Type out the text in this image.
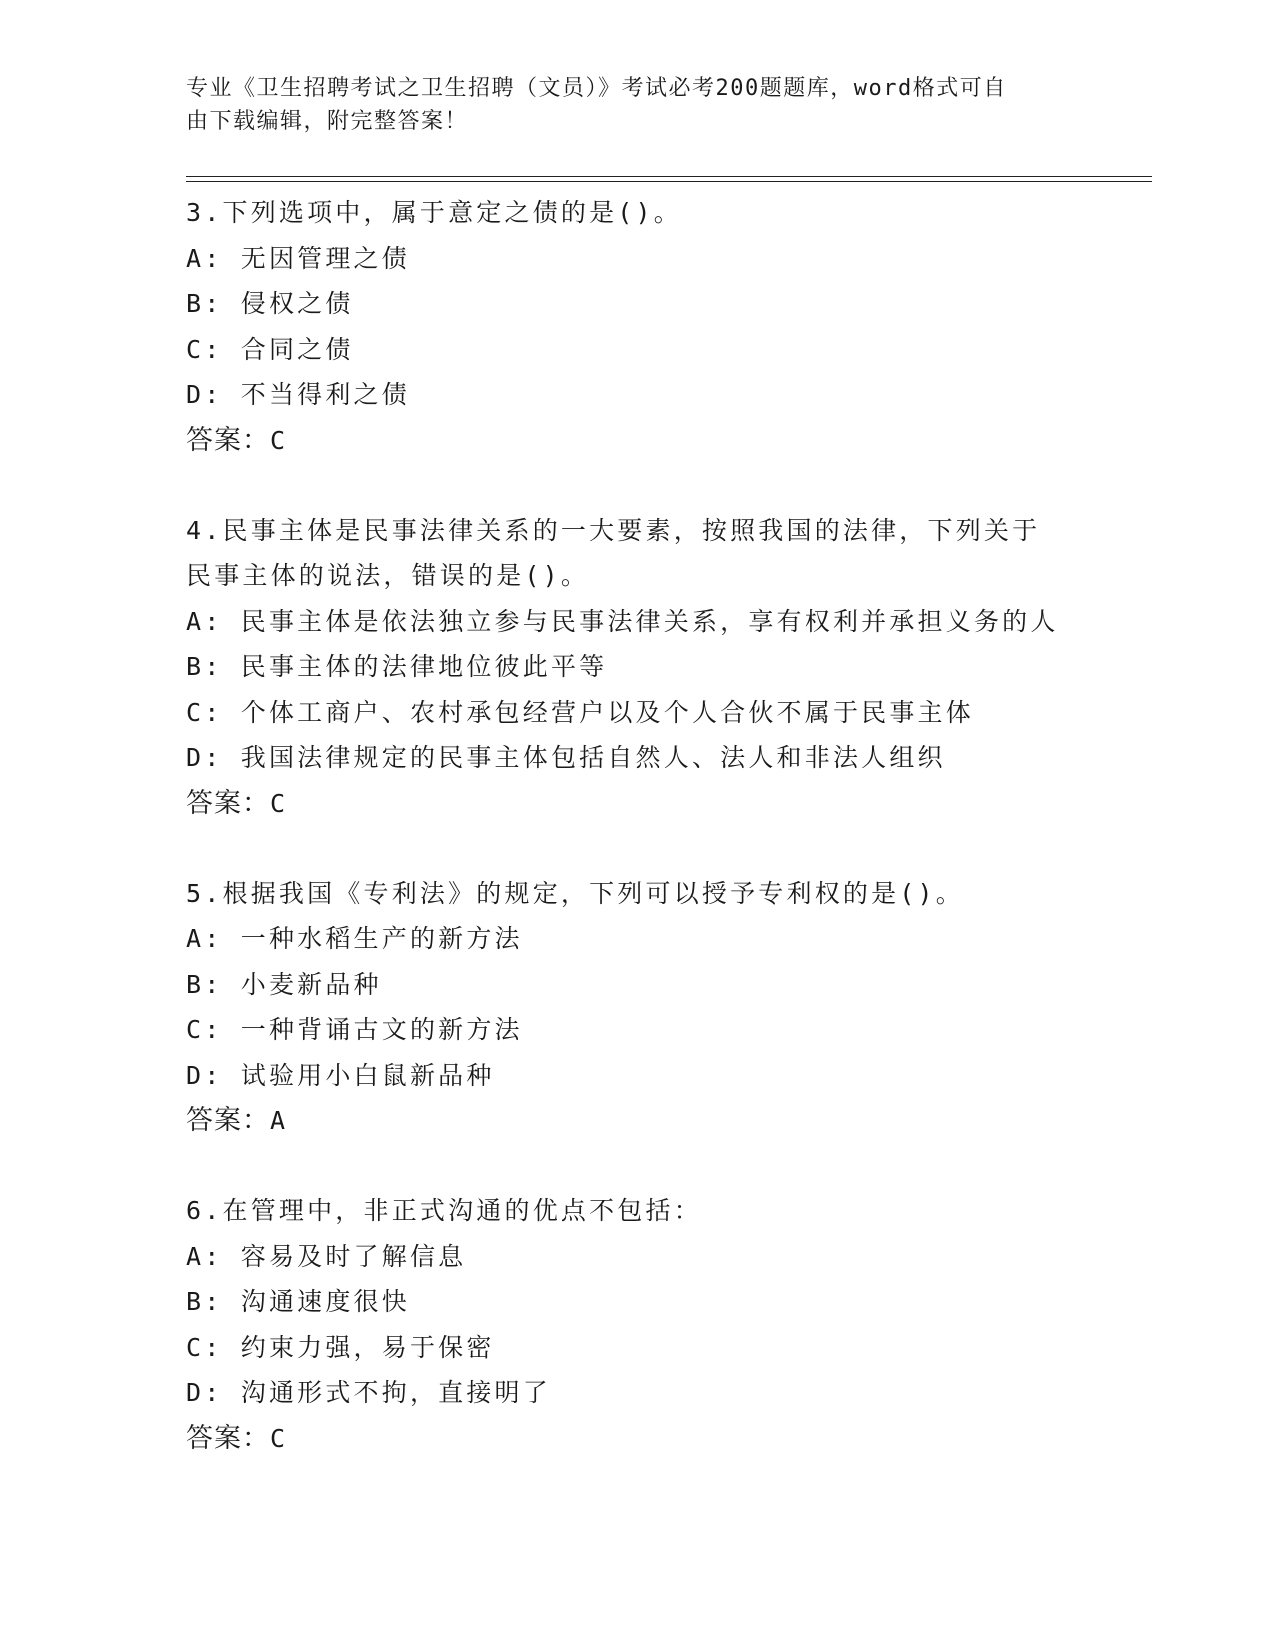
专业《卫生招聘考试之卫生招聘（文员）》考试必考200题题库，word格式可自
由下载编辑，附完整答案！
3.下列选项中，属于意定之债的是()。
A: 无因管理之债
B: 侵权之债
C: 合同之债
D: 不当得利之债
答案：C
4.民事主体是民事法律关系的一大要素，按照我国的法律，下列关于
民事主体的说法，错误的是()。
A: 民事主体是依法独立参与民事法律关系，享有权利并承担义务的人
B: 民事主体的法律地位彼此平等
C: 个体工商户、农村承包经营户以及个人合伙不属于民事主体
D: 我国法律规定的民事主体包括自然人、法人和非法人组织
答案：C
5.根据我国《专利法》的规定，下列可以授予专利权的是()。
A: 一种水稻生产的新方法
B: 小麦新品种
C: 一种背诵古文的新方法
D: 试验用小白鼠新品种
答案：A
6.在管理中，非正式沟通的优点不包括：
A: 容易及时了解信息
B: 沟通速度很快
C: 约束力强，易于保密
D: 沟通形式不拘，直接明了
答案：C
